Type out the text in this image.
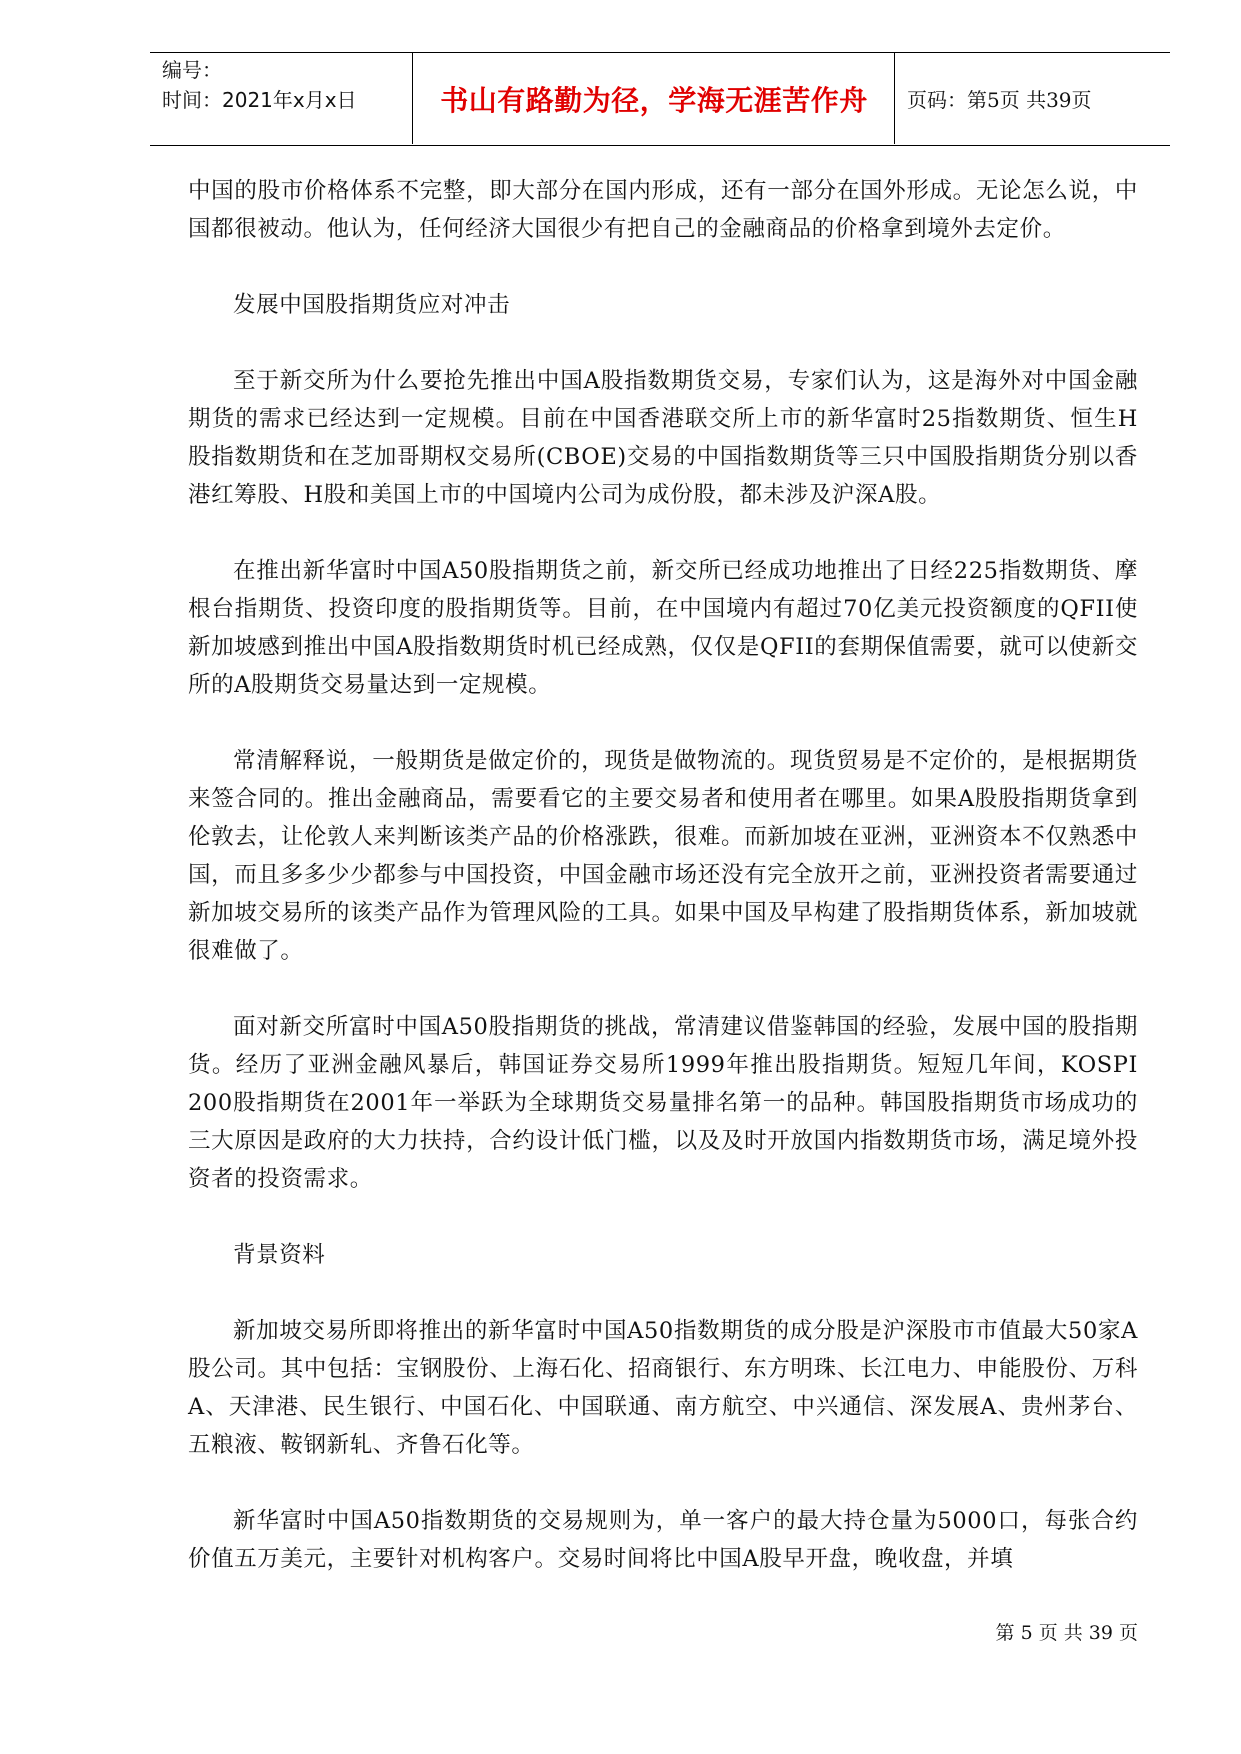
编号：
时间：2021年x月x日	书山有路勤为径，学海无涯苦作舟	页码：第5页 共39页

中国的股市价格体系不完整，即大部分在国内形成，还有一部分在国外形成。无论怎么说，中国都很被动。他认为，任何经济大国很少有把自己的金融商品的价格拿到境外去定价。

发展中国股指期货应对冲击

至于新交所为什么要抢先推出中国A股指数期货交易，专家们认为，这是海外对中国金融期货的需求已经达到一定规模。目前在中国香港联交所上市的新华富时25指数期货、恒生H股指数期货和在芝加哥期权交易所(CBOE)交易的中国指数期货等三只中国股指期货分别以香港红筹股、H股和美国上市的中国境内公司为成份股，都未涉及沪深A股。

在推出新华富时中国A50股指期货之前，新交所已经成功地推出了日经225指数期货、摩根台指期货、投资印度的股指期货等。目前，在中国境内有超过70亿美元投资额度的QFII使新加坡感到推出中国A股指数期货时机已经成熟，仅仅是QFII的套期保值需要，就可以使新交所的A股期货交易量达到一定规模。

常清解释说，一般期货是做定价的，现货是做物流的。现货贸易是不定价的，是根据期货来签合同的。推出金融商品，需要看它的主要交易者和使用者在哪里。如果A股股指期货拿到伦敦去，让伦敦人来判断该类产品的价格涨跌，很难。而新加坡在亚洲，亚洲资本不仅熟悉中国，而且多多少少都参与中国投资，中国金融市场还没有完全放开之前，亚洲投资者需要通过新加坡交易所的该类产品作为管理风险的工具。如果中国及早构建了股指期货体系，新加坡就很难做了。

面对新交所富时中国A50股指期货的挑战，常清建议借鉴韩国的经验，发展中国的股指期货。经历了亚洲金融风暴后，韩国证券交易所1999年推出股指期货。短短几年间，KOSPI 200股指期货在2001年一举跃为全球期货交易量排名第一的品种。韩国股指期货市场成功的三大原因是政府的大力扶持，合约设计低门槛，以及及时开放国内指数期货市场，满足境外投资者的投资需求。

背景资料

新加坡交易所即将推出的新华富时中国A50指数期货的成分股是沪深股市市值最大50家A股公司。其中包括：宝钢股份、上海石化、招商银行、东方明珠、长江电力、申能股份、万科A、天津港、民生银行、中国石化、中国联通、南方航空、中兴通信、深发展A、贵州茅台、五粮液、鞍钢新轧、齐鲁石化等。

新华富时中国A50指数期货的交易规则为，单一客户的最大持仓量为5000口，每张合约价值五万美元，主要针对机构客户。交易时间将比中国A股早开盘，晚收盘，并填

第 5 页 共 39 页
